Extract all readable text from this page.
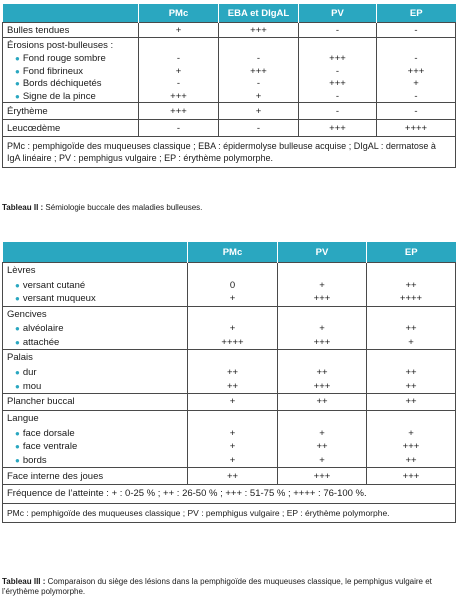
	PMc	EBA et DIgAL	PV	EP
Bulles tendues	+	+++	-	-
Érosions post-bulleuses :				
● Fond rouge sombre	-	-	+++	-
● Fond fibrineux	+	+++	-	+++
● Bords déchiquetés	-	-	+++	+
● Signe de la pince	+++	+	-	-
Érythème	+++	+	-	-
Leucœdème	-	-	+++	++++
PMc : pemphigoïde des muqueuses classique ; EBA : épidermolyse bulleuse acquise ; DIgAL : dermatose à IgA linéaire ; PV : pemphigus vulgaire ; EP : érythème polymorphe.				
Tableau II : Sémiologie buccale des maladies bulleuses.
	PMc	PV	EP
Lèvres			
● versant cutané	0	+	++
● versant muqueux	+	+++	++++
Gencives			
● alvéolaire	+	+	++
● attachée	++++	+++	+
Palais			
● dur	++	++	++
● mou	++	+++	++
Plancher buccal	+	++	++
Langue			
● face dorsale	+	+	+
● face ventrale	+	++	+++
● bords	+	+	++
Face interne des joues	++	+++	+++
Fréquence de l’atteinte : + : 0-25 % ; ++ : 26-50 % ; +++ : 51-75 % ; ++++ : 76-100 %.			
PMc : pemphigoïde des muqueuses classique ; PV : pemphigus vulgaire ; EP : érythème polymorphe.			
Tableau III : Comparaison du siège des lésions dans la pemphigoïde des muqueuses classique, le pemphigus vulgaire et l’érythème polymorphe.
